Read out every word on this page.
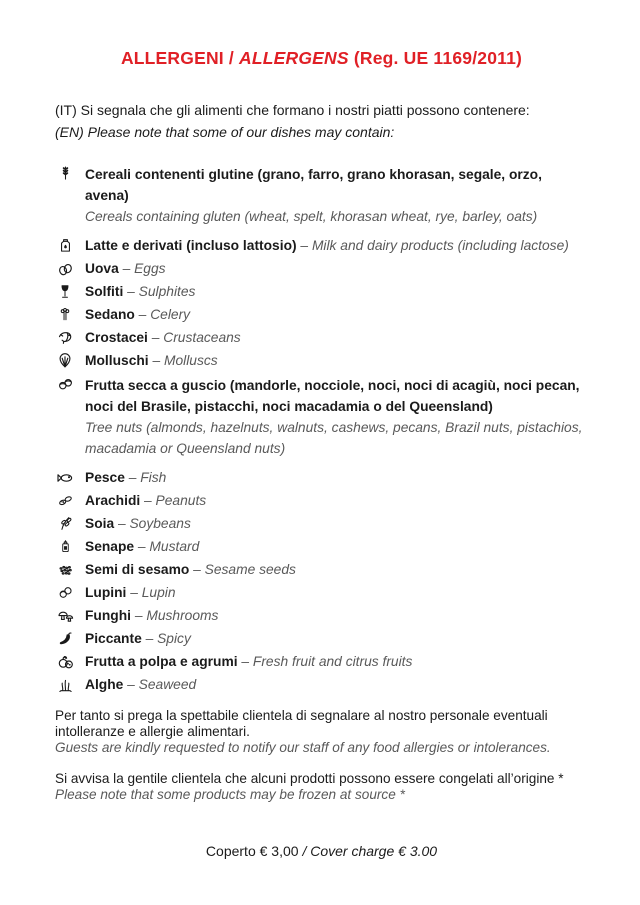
ALLERGENI / ALLERGENS (Reg. UE 1169/2011)
(IT) Si segnala che gli alimenti che formano i nostri piatti possono contenere:
(EN) Please note that some of our dishes may contain:
Cereali contenenti glutine (grano, farro, grano khorasan, segale, orzo, avena)
Cereals containing gluten (wheat, spelt, khorasan wheat, rye, barley, oats)
Latte e derivati (incluso lattosio) – Milk and dairy products (including lactose)
Uova – Eggs
Solfiti – Sulphites
Sedano – Celery
Crostacei – Crustaceans
Molluschi – Molluscs
Frutta secca a guscio (mandorle, nocciole, noci, noci di acagiù, noci pecan, noci del Brasile, pistacchi, noci macadamia o del Queensland)
Tree nuts (almonds, hazelnuts, walnuts, cashews, pecans, Brazil nuts, pistachios, macadamia or Queensland nuts)
Pesce – Fish
Arachidi – Peanuts
Soia – Soybeans
Senape – Mustard
Semi di sesamo – Sesame seeds
Lupini – Lupin
Funghi – Mushrooms
Piccante – Spicy
Frutta a polpa e agrumi – Fresh fruit and citrus fruits
Alghe – Seaweed
Per tanto si prega la spettabile clientela di segnalare al nostro personale eventuali intolleranze e allergie alimentari.
Guests are kindly requested to notify our staff of any food allergies or intolerances.
Si avvisa la gentile clientela che alcuni prodotti possono essere congelati all’origine *
Please note that some products may be frozen at source *
Coperto € 3,00 / Cover charge € 3.00
